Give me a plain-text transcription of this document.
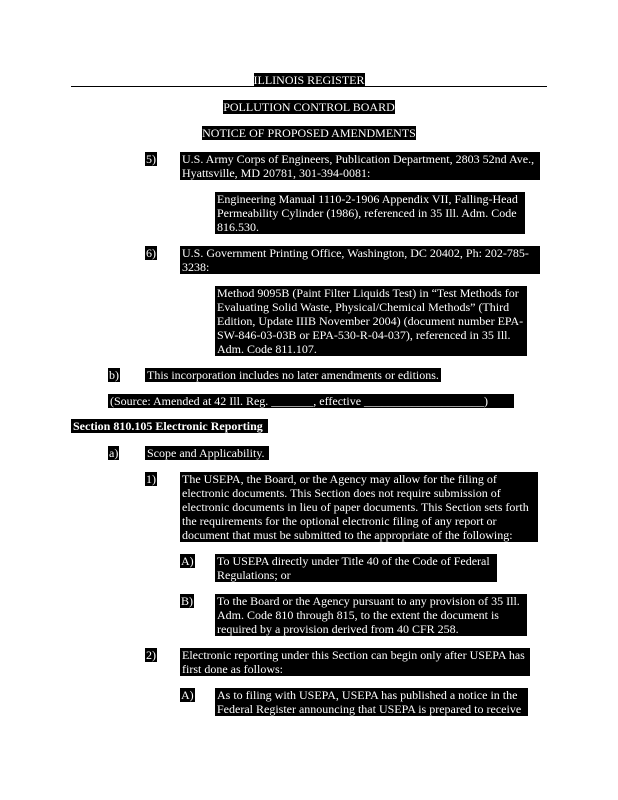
ILLINOIS REGISTER
POLLUTION CONTROL BOARD
NOTICE OF PROPOSED AMENDMENTS
5) U.S. Army Corps of Engineers, Publication Department, 2803 52nd Ave., Hyattsville, MD 20781, 301-394-0081:
Engineering Manual 1110-2-1906 Appendix VII, Falling-Head Permeability Cylinder (1986), referenced in 35 Ill. Adm. Code 816.530.
6) U.S. Government Printing Office, Washington, DC 20402, Ph: 202-785-3238:
Method 9095B (Paint Filter Liquids Test) in “Test Methods for Evaluating Solid Waste, Physical/Chemical Methods” (Third Edition, Update IIIB November 2004) (document number EPA-SW-846-03-03B or EPA-530-R-04-037), referenced in 35 Ill. Adm. Code 811.107.
b) This incorporation includes no later amendments or editions.
(Source: Amended at 42 Ill. Reg. _______, effective ____________________)
Section 810.105 Electronic Reporting
a) Scope and Applicability.
1) The USEPA, the Board, or the Agency may allow for the filing of electronic documents. This Section does not require submission of electronic documents in lieu of paper documents. This Section sets forth the requirements for the optional electronic filing of any report or document that must be submitted to the appropriate of the following:
A) To USEPA directly under Title 40 of the Code of Federal Regulations; or
B) To the Board or the Agency pursuant to any provision of 35 Ill. Adm. Code 810 through 815, to the extent the document is required by a provision derived from 40 CFR 258.
2) Electronic reporting under this Section can begin only after USEPA has first done as follows:
A) As to filing with USEPA, USEPA has published a notice in the Federal Register announcing that USEPA is prepared to receive
